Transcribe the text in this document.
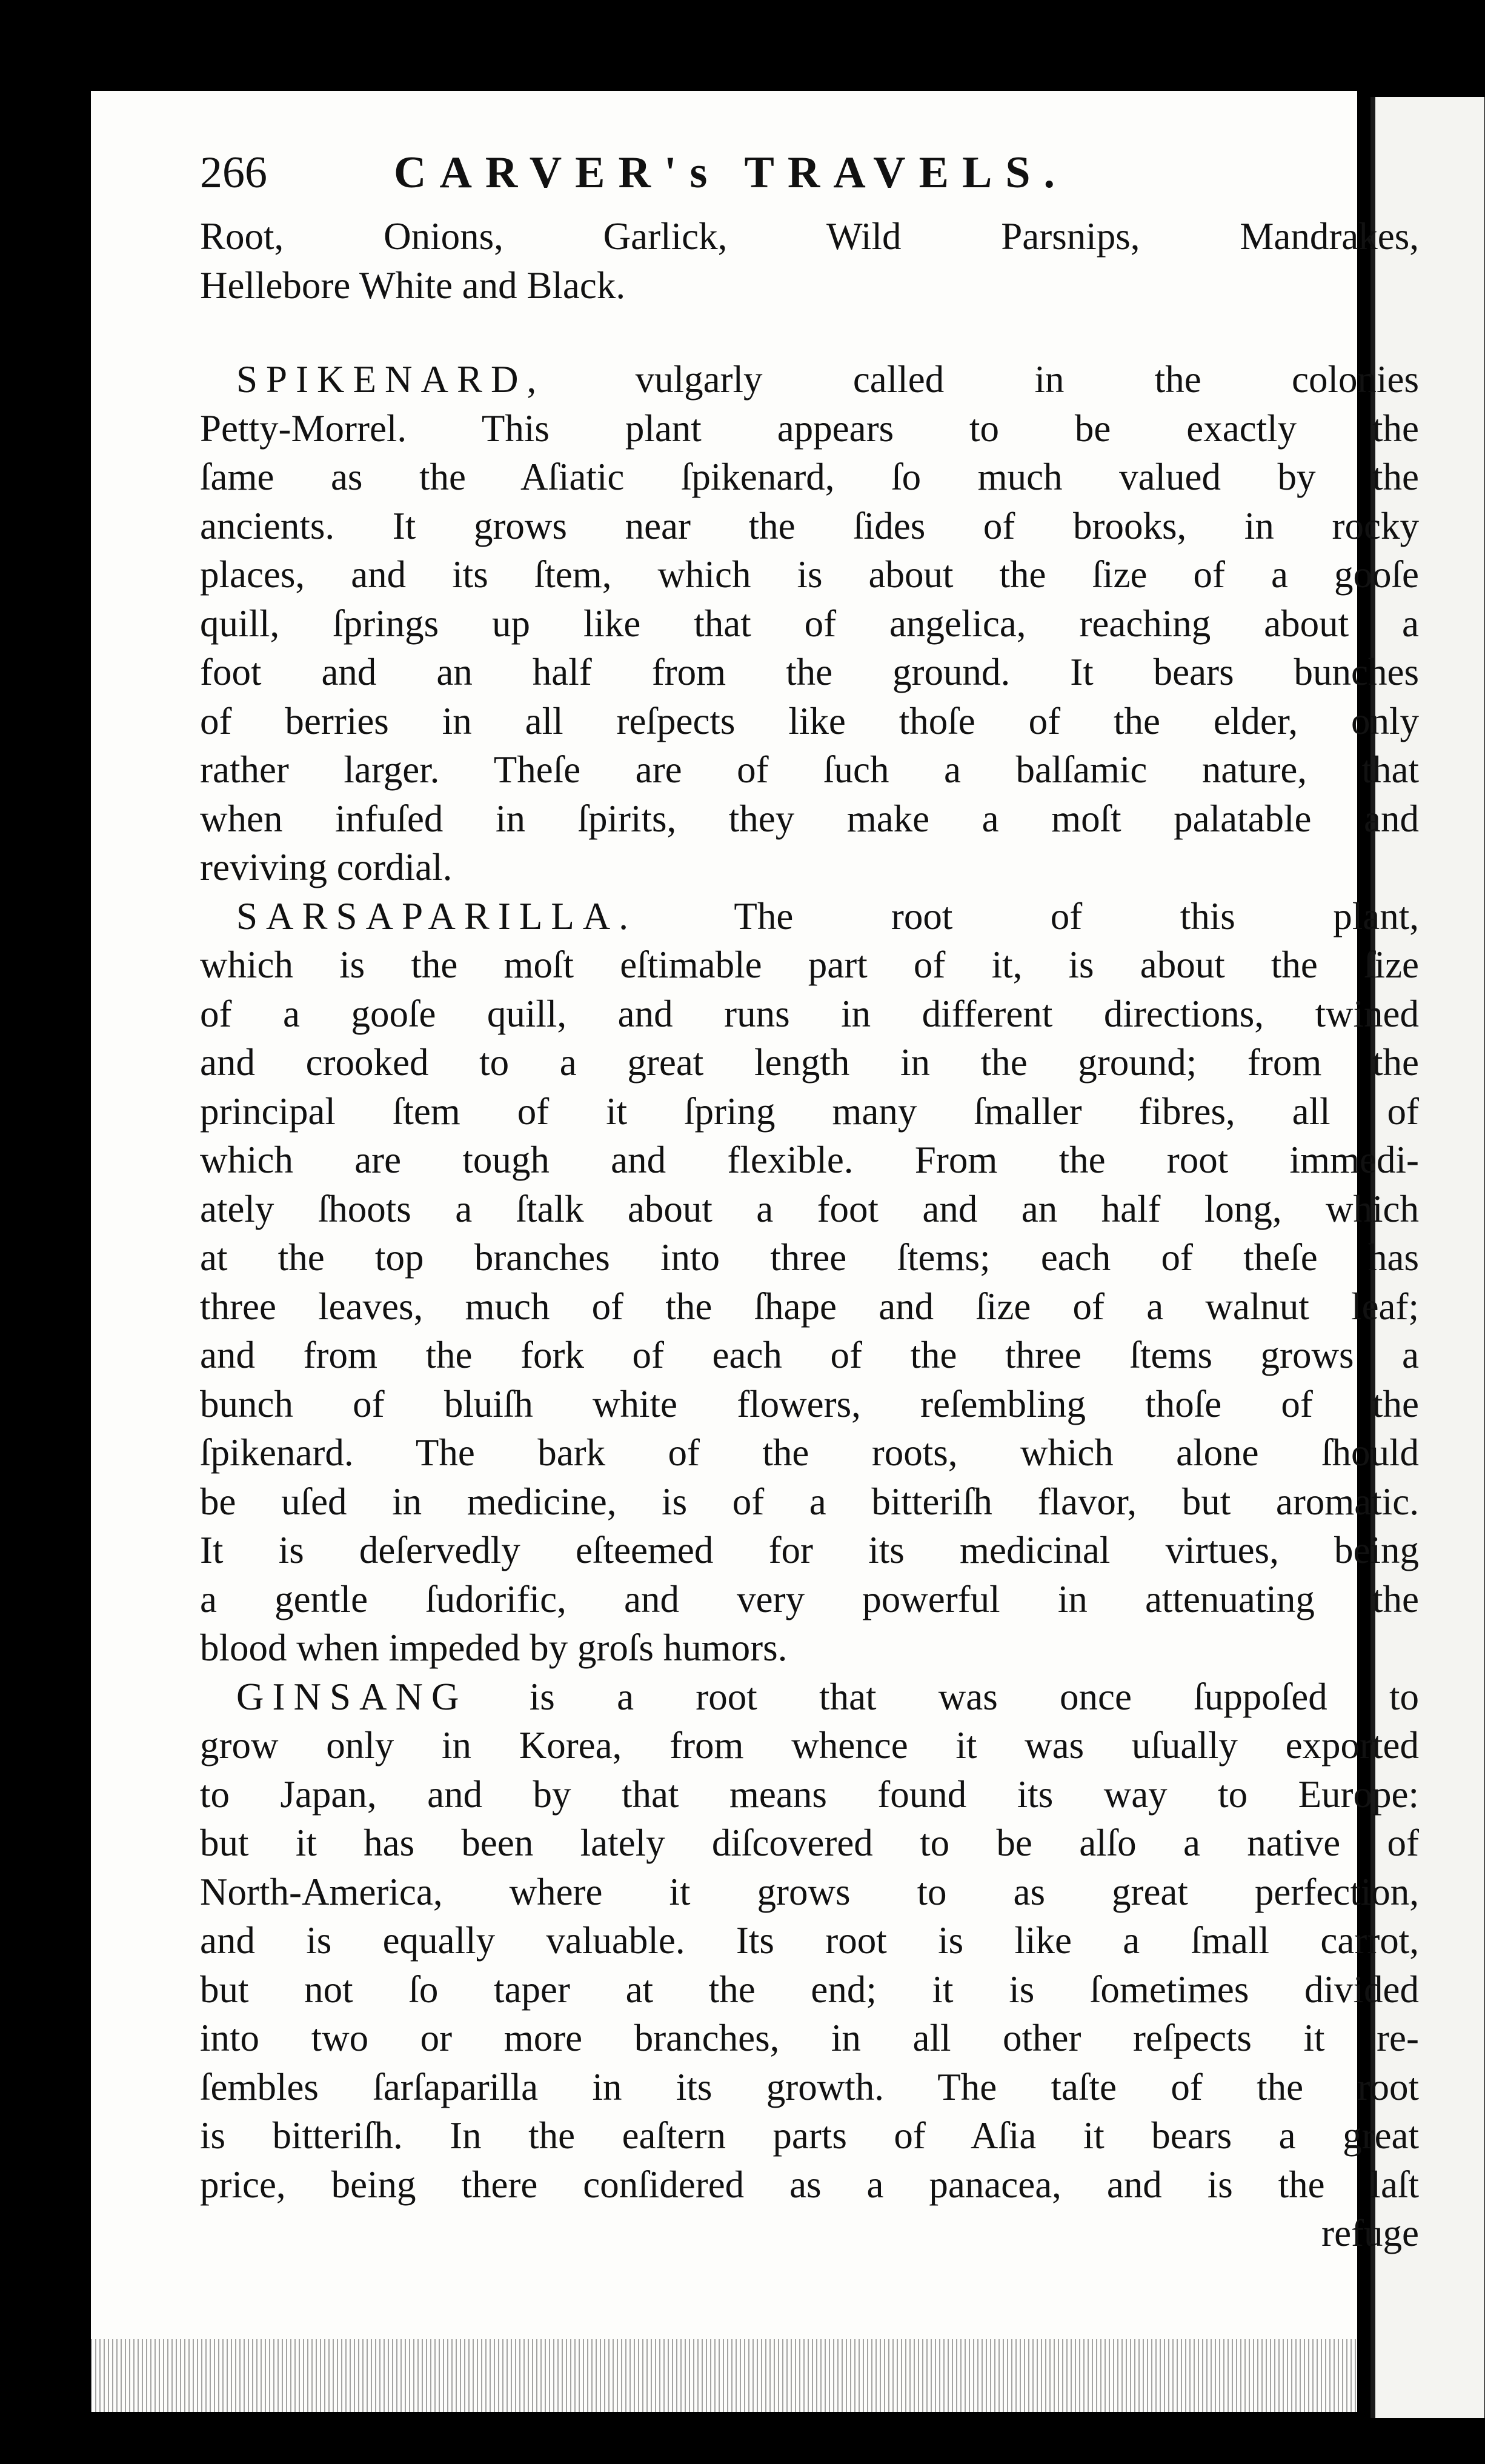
266	CARVER's TRAVELS.
Root, Onions, Garlick, Wild Parsnips, Mandrakes,
Hellebore White and Black.
SPIKENARD, vulgarly called in the colonies
Petty-Morrel. This plant appears to be exactly the
ſame as the Aſiatic ſpikenard, ſo much valued by the
ancients. It grows near the ſides of brooks, in rocky
places, and its ſtem, which is about the ſize of a gooſe
quill, ſprings up like that of angelica, reaching about a
foot and an half from the ground. It bears bunches
of berries in all reſpects like thoſe of the elder, only
rather larger. Theſe are of ſuch a balſamic nature, that
when infuſed in ſpirits, they make a moſt palatable and
reviving cordial.
SARSAPARILLA. The root of this plant,
which is the moſt eſtimable part of it, is about the ſize
of a gooſe quill, and runs in different directions, twined
and crooked to a great length in the ground; from the
principal ſtem of it ſpring many ſmaller fibres, all of
which are tough and flexible. From the root immedi-
ately ſhoots a ſtalk about a foot and an half long, which
at the top branches into three ſtems; each of theſe has
three leaves, much of the ſhape and ſize of a walnut leaf;
and from the fork of each of the three ſtems grows a
bunch of bluiſh white flowers, reſembling thoſe of the
ſpikenard. The bark of the roots, which alone ſhould
be uſed in medicine, is of a bitteriſh flavor, but aromatic.
It is deſervedly eſteemed for its medicinal virtues, being
a gentle ſudorific, and very powerful in attenuating the
blood when impeded by groſs humors.
GINSANG is a root that was once ſuppoſed to
grow only in Korea, from whence it was uſually exported
to Japan, and by that means found its way to Europe:
but it has been lately diſcovered to be alſo a native of
North-America, where it grows to as great perfection,
and is equally valuable. Its root is like a ſmall carrot,
but not ſo taper at the end; it is ſometimes divided
into two or more branches, in all other reſpects it re-
ſembles ſarſaparilla in its growth. The taſte of the root
is bitteriſh. In the eaſtern parts of Aſia it bears a great
price, being there conſidered as a panacea, and is the laſt
refuge
